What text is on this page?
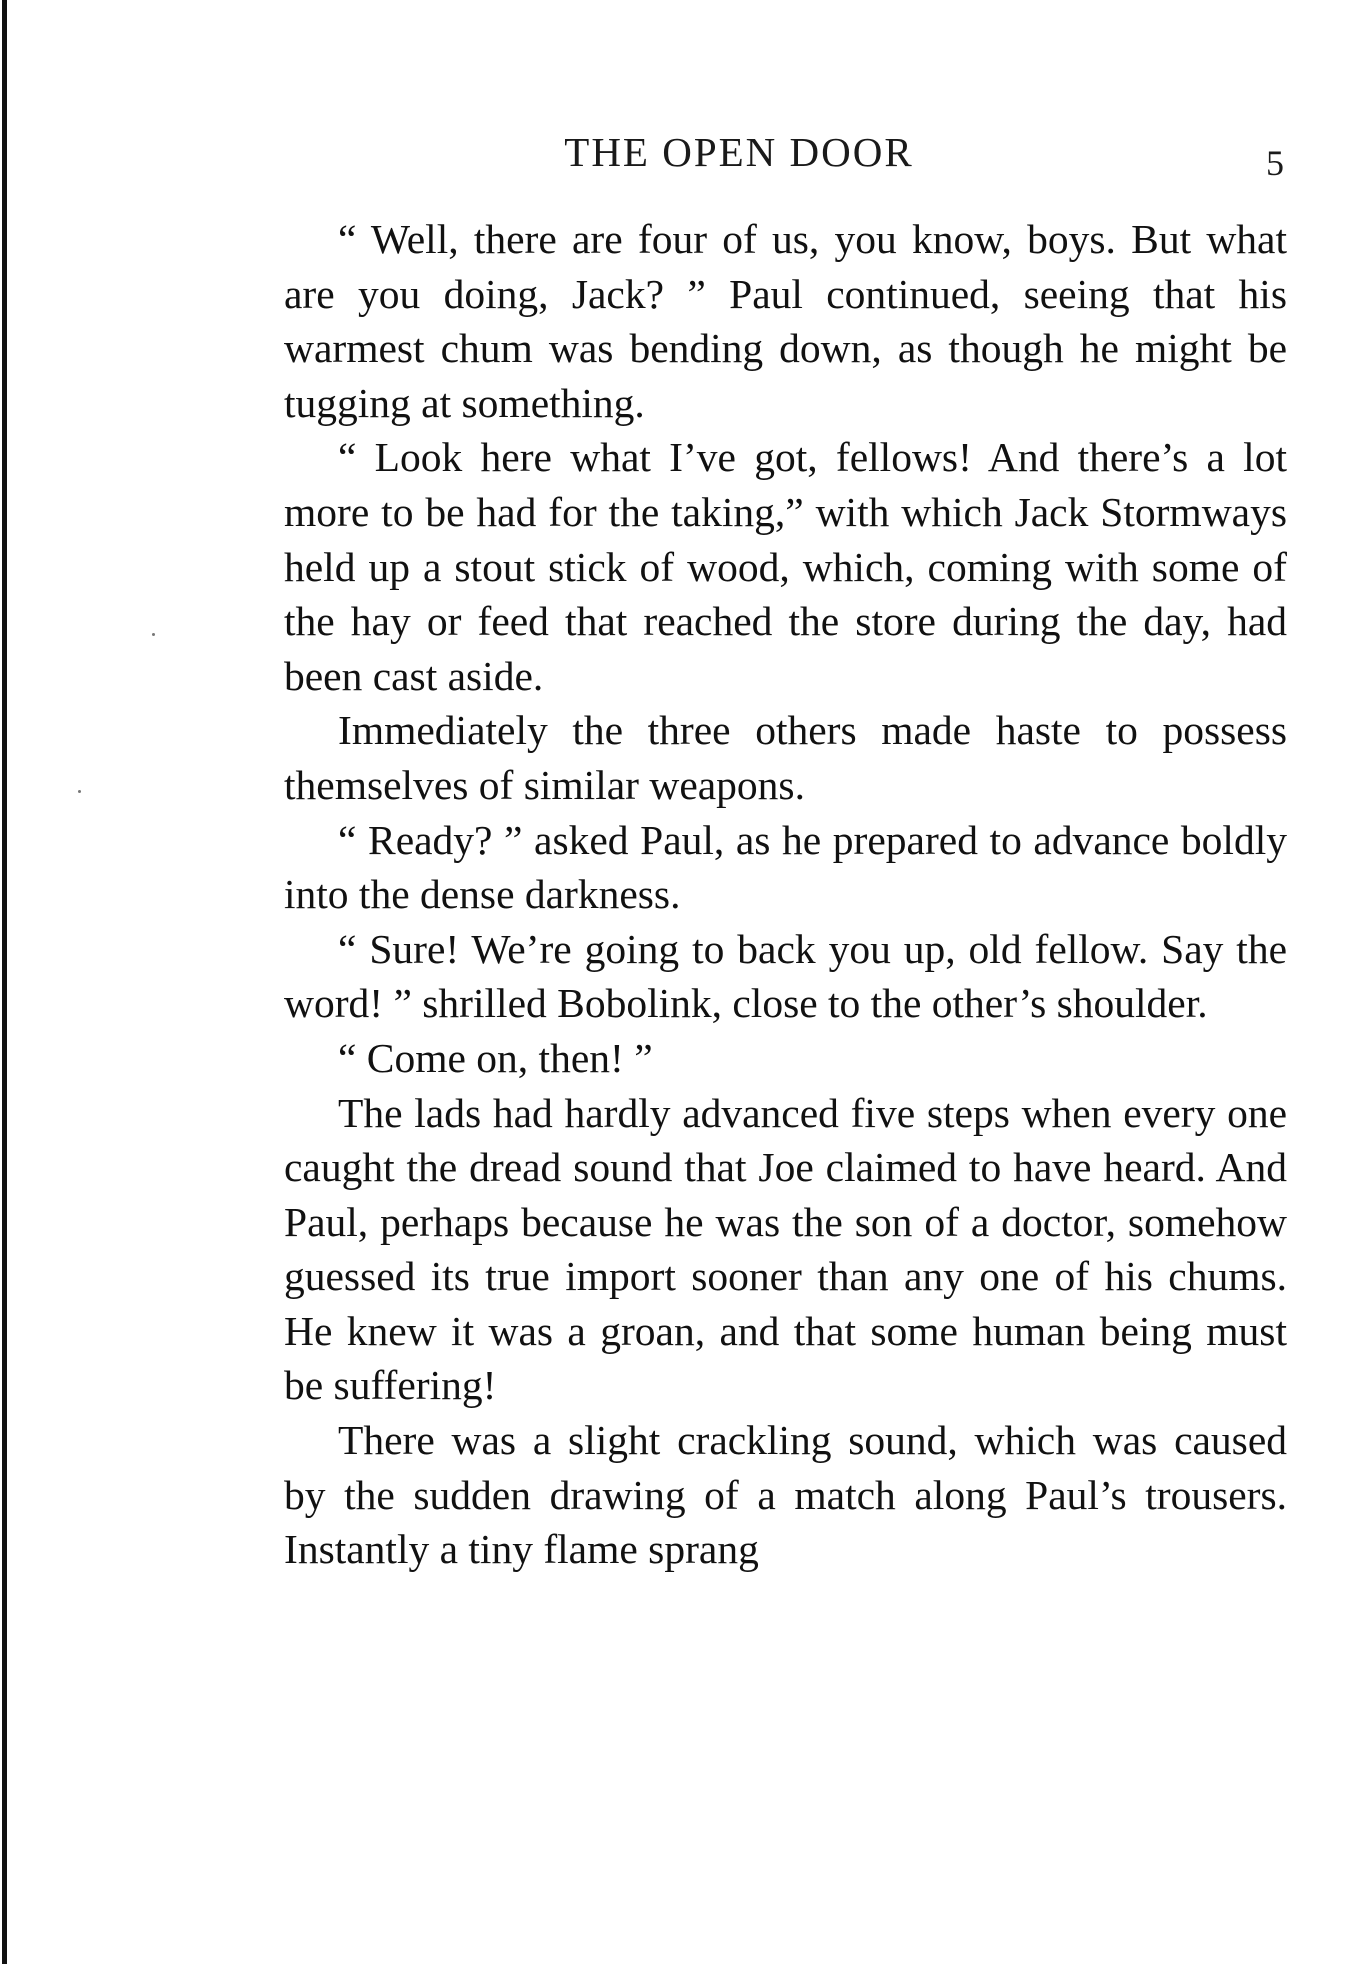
THE OPEN DOOR	5

“ Well, there are four of us, you know, boys. But what are you doing, Jack? ” Paul continued, seeing that his warmest chum was bending down, as though he might be tugging at something.

“ Look here what I’ve got, fellows! And there’s a lot more to be had for the taking,” with which Jack Stormways held up a stout stick of wood, which, coming with some of the hay or feed that reached the store during the day, had been cast aside.

Immediately the three others made haste to possess themselves of similar weapons.

“ Ready? ” asked Paul, as he prepared to advance boldly into the dense darkness.

“ Sure! We’re going to back you up, old fellow. Say the word! ” shrilled Bobolink, close to the other’s shoulder.

“ Come on, then! ”

The lads had hardly advanced five steps when every one caught the dread sound that Joe claimed to have heard. And Paul, perhaps because he was the son of a doctor, somehow guessed its true import sooner than any one of his chums. He knew it was a groan, and that some human being must be suffering!

There was a slight crackling sound, which was caused by the sudden drawing of a match along Paul’s trousers. Instantly a tiny flame sprang
